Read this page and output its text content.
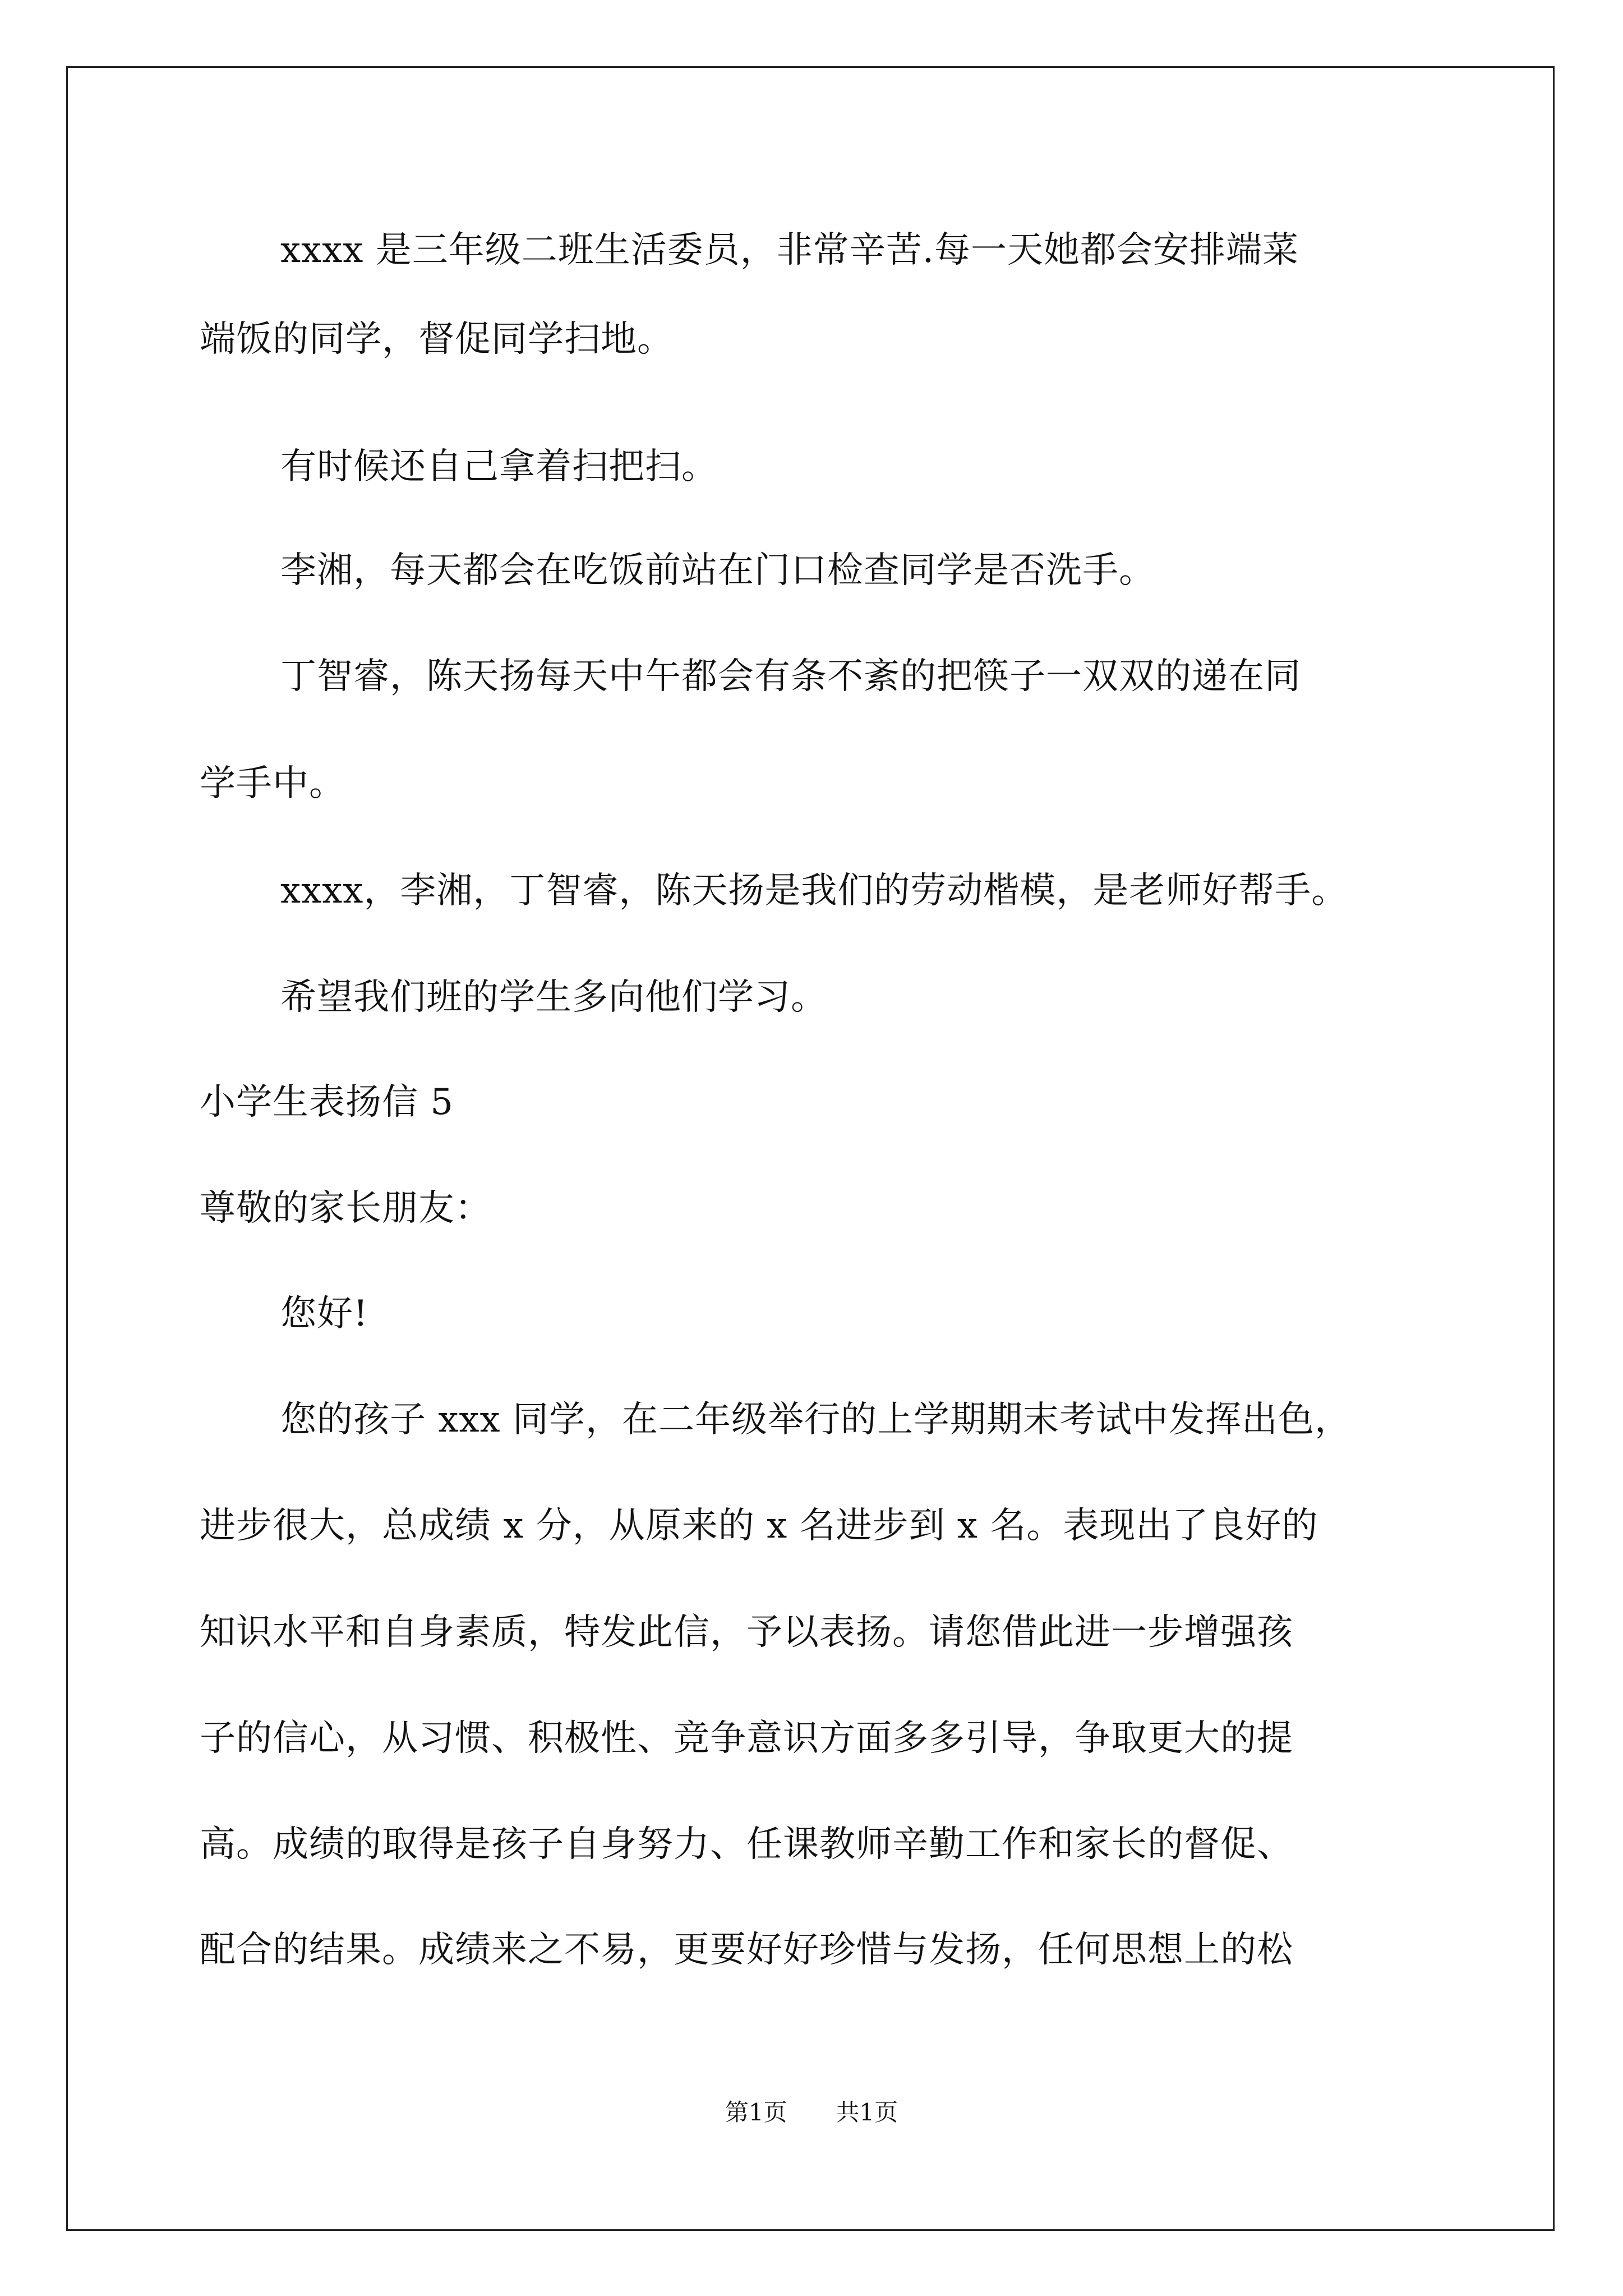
xxxx 是三年级二班生活委员，非常辛苦.每一天她都会安排端菜
端饭的同学，督促同学扫地。
有时候还自己拿着扫把扫。
李湘，每天都会在吃饭前站在门口检查同学是否洗手。
丁智睿，陈天扬每天中午都会有条不紊的把筷子一双双的递在同
学手中。
xxxx，李湘，丁智睿，陈天扬是我们的劳动楷模，是老师好帮手。
希望我们班的学生多向他们学习。
小学生表扬信 5
尊敬的家长朋友：
您好!
您的孩子 xxx 同学，在二年级举行的上学期期末考试中发挥出色，
进步很大，总成绩 x 分，从原来的 x 名进步到 x 名。表现出了良好的
知识水平和自身素质，特发此信，予以表扬。请您借此进一步增强孩
子的信心，从习惯、积极性、竞争意识方面多多引导，争取更大的提
高。成绩的取得是孩子自身努力、任课教师辛勤工作和家长的督促、
配合的结果。成绩来之不易，更要好好珍惜与发扬，任何思想上的松
第1页 共1页
